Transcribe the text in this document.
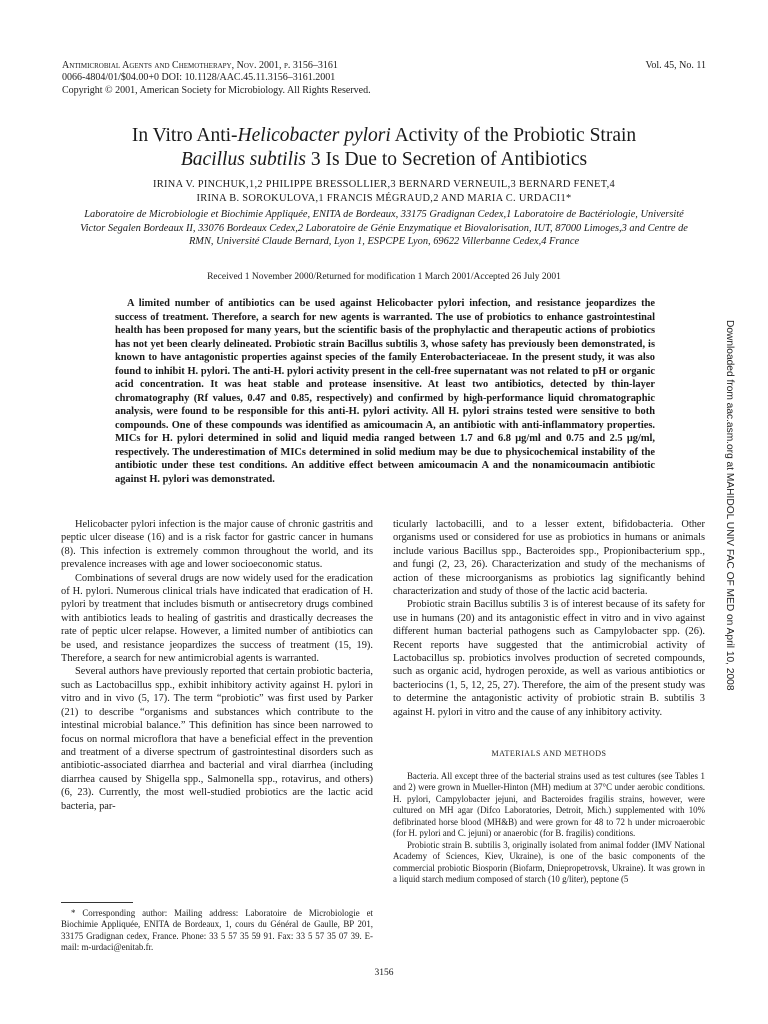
Antimicrobial Agents and Chemotherapy, Nov. 2001, p. 3156–3161
0066-4804/01/$04.00+0 DOI: 10.1128/AAC.45.11.3156–3161.2001
Copyright © 2001, American Society for Microbiology. All Rights Reserved.
Vol. 45, No. 11
In Vitro Anti-Helicobacter pylori Activity of the Probiotic Strain
Bacillus subtilis 3 Is Due to Secretion of Antibiotics
IRINA V. PINCHUK,1,2 PHILIPPE BRESSOLLIER,3 BERNARD VERNEUIL,3 BERNARD FENET,4
IRINA B. SOROKULOVA,1 FRANCIS MÉGRAUD,2 AND MARIA C. URDACI1*
Laboratoire de Microbiologie et Biochimie Appliquée, ENITA de Bordeaux, 33175 Gradignan Cedex,1 Laboratoire de Bactériologie, Université Victor Segalen Bordeaux II, 33076 Bordeaux Cedex,2 Laboratoire de Génie Enzymatique et Biovalorisation, IUT, 87000 Limoges,3 and Centre de RMN, Université Claude Bernard, Lyon 1, ESPCPE Lyon, 69622 Villerbanne Cedex,4 France
Received 1 November 2000/Returned for modification 1 March 2001/Accepted 26 July 2001
A limited number of antibiotics can be used against Helicobacter pylori infection, and resistance jeopardizes the success of treatment. Therefore, a search for new agents is warranted. The use of probiotics to enhance gastrointestinal health has been proposed for many years, but the scientific basis of the prophylactic and therapeutic actions of probiotics has not yet been clearly delineated. Probiotic strain Bacillus subtilis 3, whose safety has previously been demonstrated, is known to have antagonistic properties against species of the family Enterobacteriaceae. In the present study, it was also found to inhibit H. pylori. The anti-H. pylori activity present in the cell-free supernatant was not related to pH or organic acid concentration. It was heat stable and protease insensitive. At least two antibiotics, detected by thin-layer chromatography (Rf values, 0.47 and 0.85, respectively) and confirmed by high-performance liquid chromatographic analysis, were found to be responsible for this anti-H. pylori activity. All H. pylori strains tested were sensitive to both compounds. One of these compounds was identified as amicoumacin A, an antibiotic with anti-inflammatory properties. MICs for H. pylori determined in solid and liquid media ranged between 1.7 and 6.8 μg/ml and 0.75 and 2.5 μg/ml, respectively. The underestimation of MICs determined in solid medium may be due to physicochemical instability of the antibiotic under these test conditions. An additive effect between amicoumacin A and the nonamicoumacin antibiotic against H. pylori was demonstrated.

Helicobacter pylori infection is the major cause of chronic gastritis and peptic ulcer disease (16) and is a risk factor for gastric cancer in humans (8). This infection is extremely common throughout the world, and its prevalence increases with age and lower socioeconomic status.

Combinations of several drugs are now widely used for the eradication of H. pylori. Numerous clinical trials have indicated that eradication of H. pylori by treatment that includes bismuth or antisecretory drugs combined with antibiotics leads to healing of gastritis and drastically decreases the rate of peptic ulcer relapse. However, a limited number of antibiotics can be used, and resistance jeopardizes the success of treatment (15, 19). Therefore, a search for new antimicrobial agents is warranted.

Several authors have previously reported that certain probiotic bacteria, such as Lactobacillus spp., exhibit inhibitory activity against H. pylori in vitro and in vivo (5, 17). The term “probiotic” was first used by Parker (21) to describe “organisms and substances which contribute to the intestinal microbial balance.” This definition has since been narrowed to focus on normal microflora that have a beneficial effect in the prevention and treatment of a diverse spectrum of gastrointestinal disorders such as antibiotic-associated diarrhea and bacterial and viral diarrhea (including diarrhea caused by Shigella spp., Salmonella spp., rotavirus, and others) (6, 23). Currently, the most well-studied probiotics are the lactic acid bacteria, par-

ticularly lactobacilli, and to a lesser extent, bifidobacteria. Other organisms used or considered for use as probiotics in humans or animals include various Bacillus spp., Bacteroides spp., Propionibacterium spp., and fungi (2, 23, 26). Characterization and study of the mechanisms of action of these microorganisms as probiotics lag significantly behind characterization and study of those of the lactic acid bacteria.

Probiotic strain Bacillus subtilis 3 is of interest because of its safety for use in humans (20) and its antagonistic effect in vitro and in vivo against different human bacterial pathogens such as Campylobacter spp. (26). Recent reports have suggested that the antimicrobial activity of Lactobacillus sp. probiotics involves production of secreted compounds, such as organic acid, hydrogen peroxide, as well as various antibiotics or bacteriocins (1, 5, 12, 25, 27). Therefore, the aim of the present study was to determine the antagonistic activity of probiotic strain B. subtilis 3 against H. pylori in vitro and the cause of any inhibitory activity.

MATERIALS AND METHODS

Bacteria. All except three of the bacterial strains used as test cultures (see Tables 1 and 2) were grown in Mueller-Hinton (MH) medium at 37°C under aerobic conditions. H. pylori, Campylobacter jejuni, and Bacteroides fragilis strains, however, were cultured on MH agar (Difco Laboratories, Detroit, Mich.) supplemented with 10% defibrinated horse blood (MH&B) and were grown for 48 to 72 h under microaerobic (for H. pylori and C. jejuni) or anaerobic (for B. fragilis) conditions.

Probiotic strain B. subtilis 3, originally isolated from animal fodder (IMV National Academy of Sciences, Kiev, Ukraine), is one of the basic components of the commercial probiotic Biosporin (Biofarm, Dniepropetrovsk, Ukraine). It was grown in a liquid starch medium composed of starch (10 g/liter), peptone (5

* Corresponding author: Mailing address: Laboratoire de Microbiologie et Biochimie Appliquée, ENITA de Bordeaux, 1, cours du Général de Gaulle, BP 201, 33175 Gradignan cedex, France. Phone: 33 5 57 35 59 91. Fax: 33 5 57 35 07 39. E-mail: m-urdaci@enitab.fr.
3156
Downloaded from aac.asm.org at MAHIDOL UNIV FAC OF MED on April 10, 2008
